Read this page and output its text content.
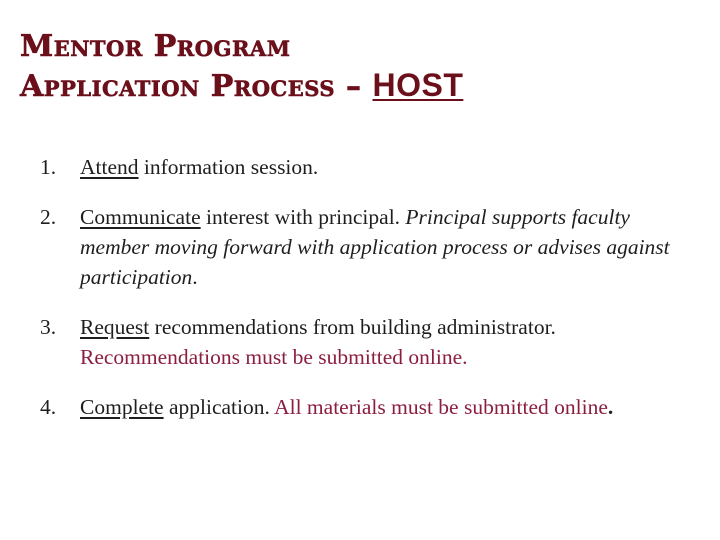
Mentor Program
Application Process – HOST
1.	Attend information session.
2.	Communicate interest with principal. Principal supports faculty member moving forward with application process or advises against participation.
3.	Request recommendations from building administrator. Recommendations must be submitted online.
4.	Complete application. All materials must be submitted online.
